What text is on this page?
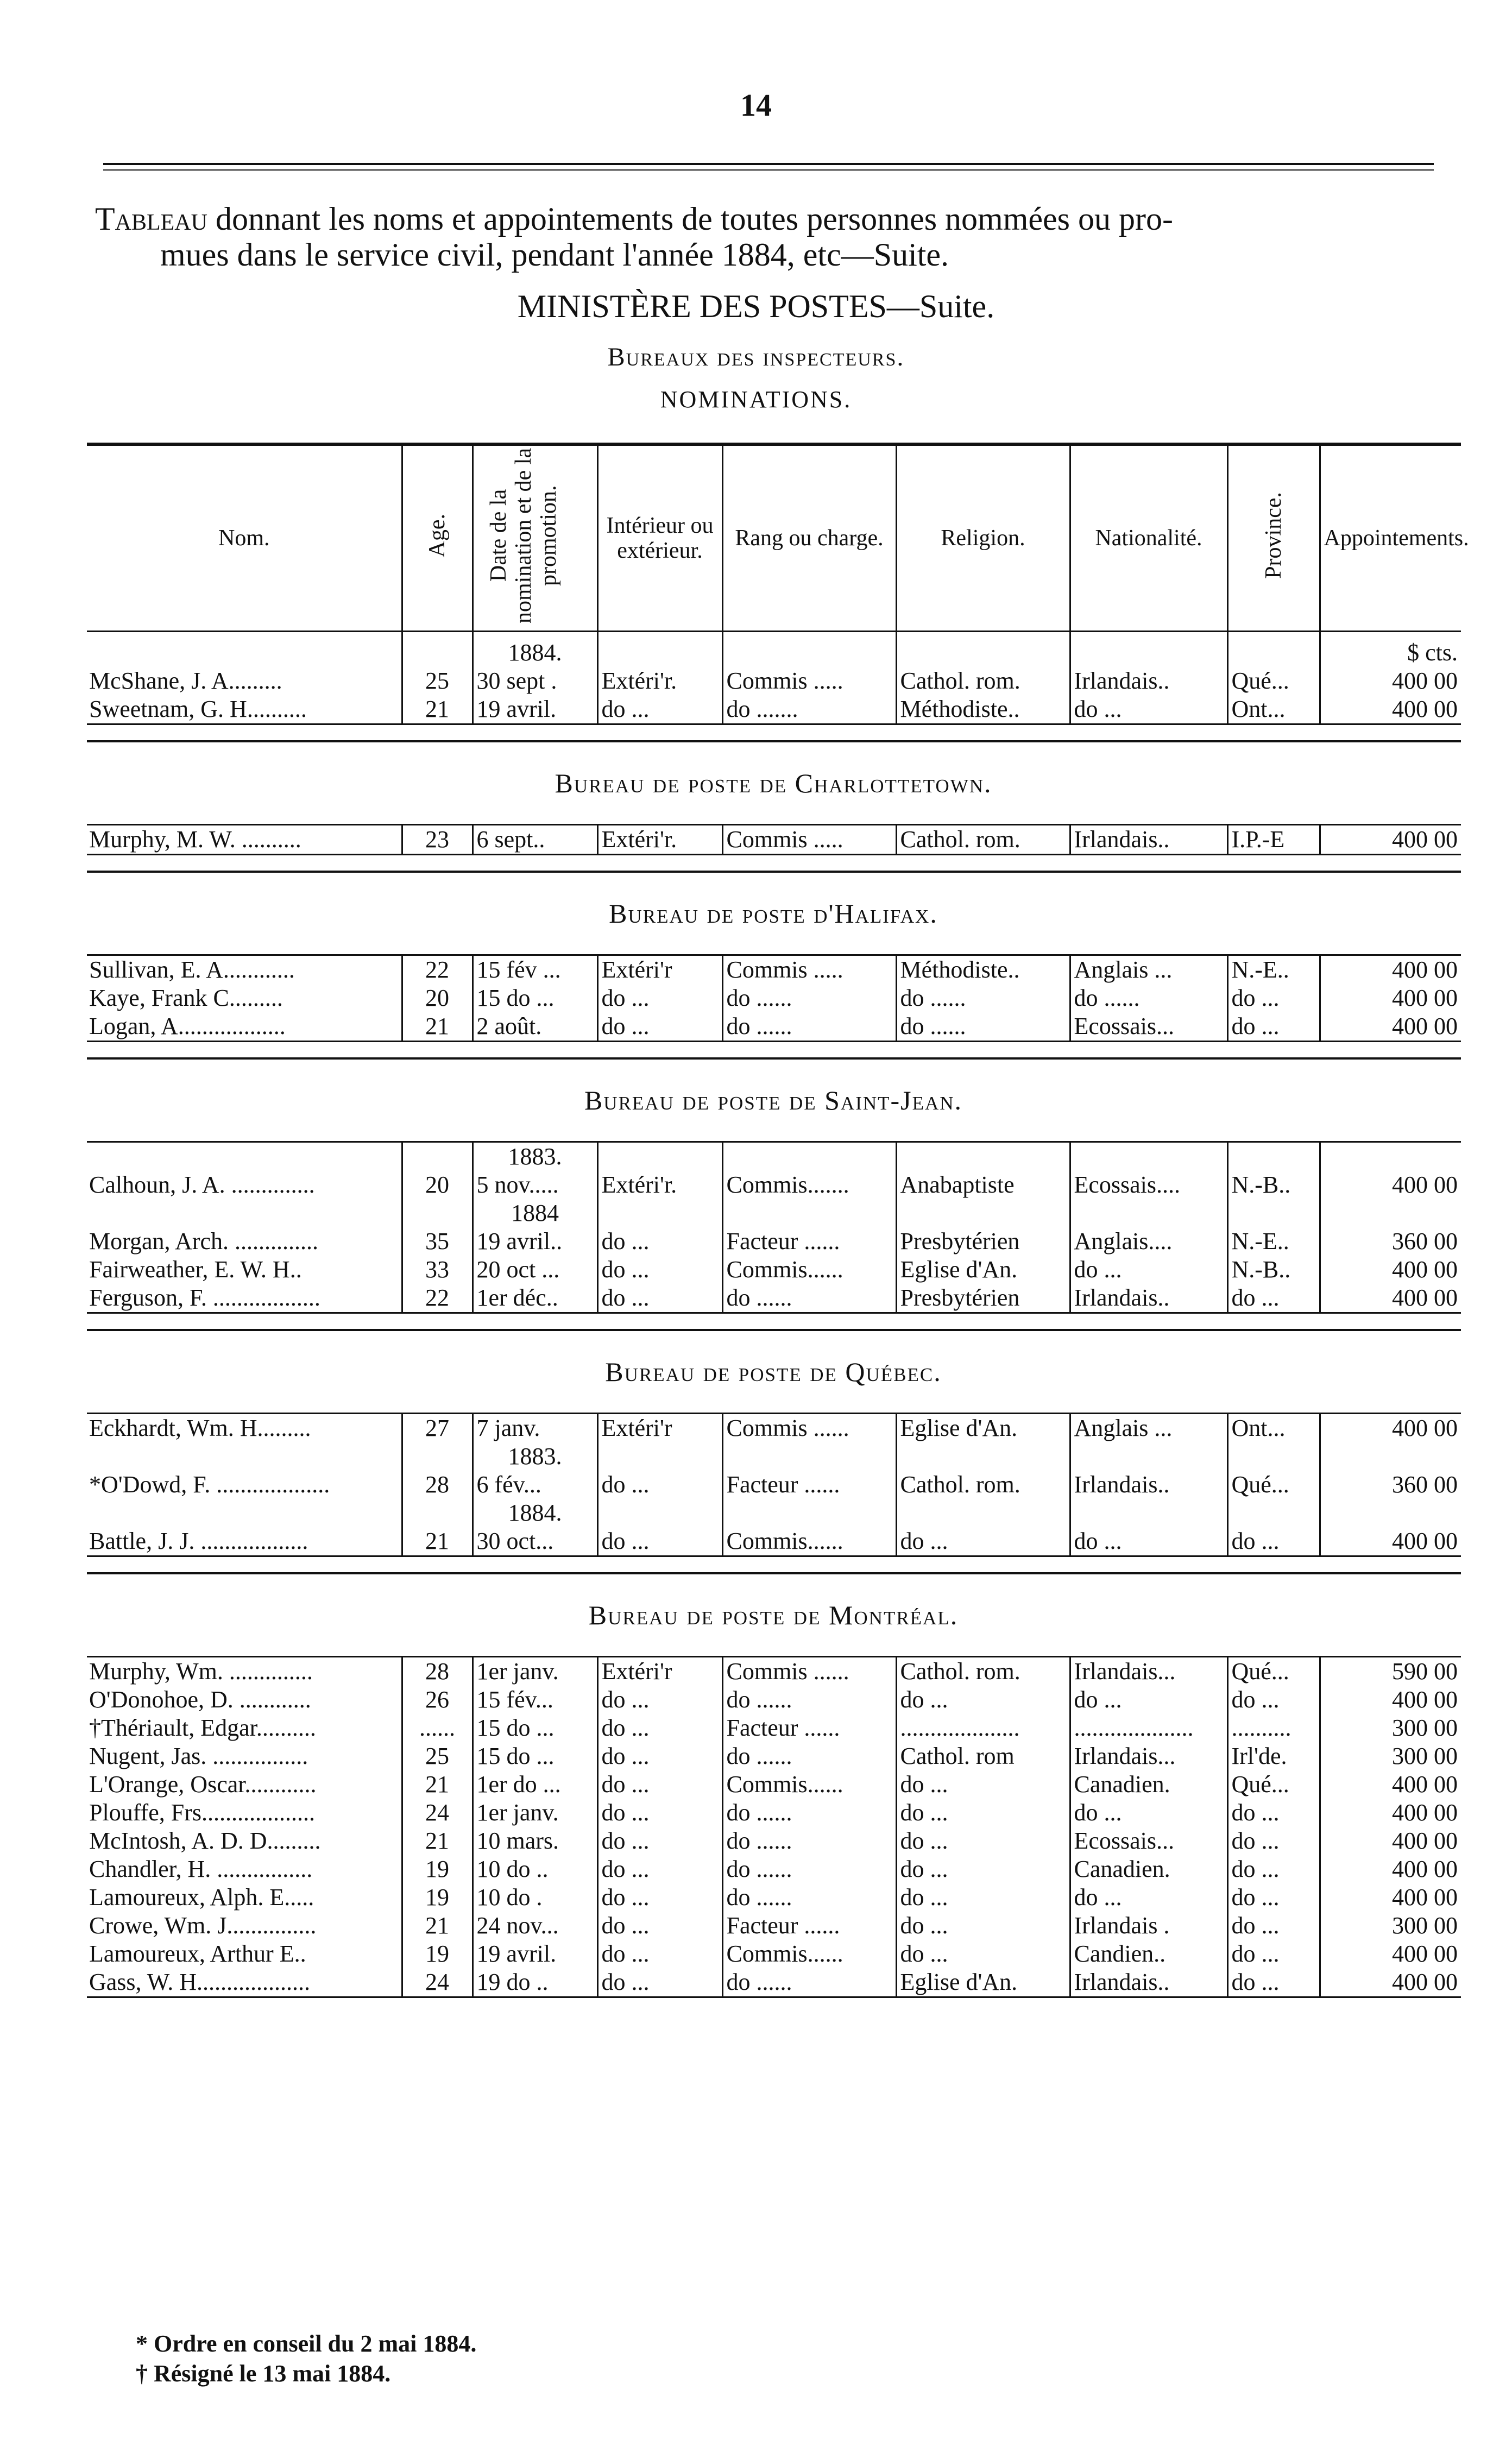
14
Tableau donnant les noms et appointements de toutes personnes nommées ou pro-
mues dans le service civil, pendant l'année 1884, etc—Suite.
MINISTÈRE DES POSTES—Suite.
Bureaux des inspecteurs.
NOMINATIONS.
Nom.	Age.	Date de la nomination et de la promotion.	Intérieur ou extérieur.	Rang ou charge.	Religion.	Nationalité.	Province.	Appointements.
		1884.						$ cts.
McShane, J. A.........	25	30 sept .	Extéri'r.	Commis .....	Cathol. rom.	Irlandais..	Qué...	400 00
Sweetnam, G. H..........	21	19 avril.	do ...	do .......	Méthodiste..	do ...	Ont...	400 00

Bureau de poste de Charlottetown.								
Murphy, M. W. ..........	23	6 sept..	Extéri'r.	Commis .....	Cathol. rom.	Irlandais..	I.P.-E	400 00

Bureau de poste d'Halifax.								
Sullivan, E. A............	22	15 fév ...	Extéri'r	Commis .....	Méthodiste..	Anglais ...	N.-E..	400 00
Kaye, Frank C.........	20	15 do ...	do ...	do ......	do ......	do ......	do ...	400 00
Logan, A..................	21	2 août.	do ...	do ......	do ......	Ecossais...	do ...	400 00

Bureau de poste de Saint-Jean.								
		1883.						
Calhoun, J. A. ..............	20	5 nov.....	Extéri'r.	Commis.......	Anabaptiste	Ecossais....	N.-B..	400 00
		1884						
Morgan, Arch. ..............	35	19 avril..	do ...	Facteur ......	Presbytérien	Anglais....	N.-E..	360 00
Fairweather, E. W. H..	33	20 oct ...	do ...	Commis......	Eglise d'An.	do ...	N.-B..	400 00
Ferguson, F. ..................	22	1er déc..	do ...	do ......	Presbytérien	Irlandais..	do ...	400 00

Bureau de poste de Québec.								
Eckhardt, Wm. H.........	27	7 janv.	Extéri'r	Commis ......	Eglise d'An.	Anglais ...	Ont...	400 00
		1883.						
*O'Dowd, F. ...................	28	6 fév...	do ...	Facteur ......	Cathol. rom.	Irlandais..	Qué...	360 00
		1884.						
Battle, J. J. ..................	21	30 oct...	do ...	Commis......	do ...	do ...	do ...	400 00

Bureau de poste de Montréal.								
Murphy, Wm. ..............	28	1er janv.	Extéri'r	Commis ......	Cathol. rom.	Irlandais...	Qué...	590 00
O'Donohoe, D. ............	26	15 fév...	do ...	do ......	do ...	do ...	do ...	400 00
†Thériault, Edgar..........	......	15 do ...	do ...	Facteur ......	....................	....................	..........	300 00
Nugent, Jas. ................	25	15 do ...	do ...	do ......	Cathol. rom	Irlandais...	Irl'de.	300 00
L'Orange, Oscar............	21	1er do ...	do ...	Commis......	do ...	Canadien.	Qué...	400 00
Plouffe, Frs...................	24	1er janv.	do ...	do ......	do ...	do ...	do ...	400 00
McIntosh, A. D. D.........	21	10 mars.	do ...	do ......	do ...	Ecossais...	do ...	400 00
Chandler, H. ................	19	10 do ..	do ...	do ......	do ...	Canadien.	do ...	400 00
Lamoureux, Alph. E.....	19	10 do .	do ...	do ......	do ...	do ...	do ...	400 00
Crowe, Wm. J...............	21	24 nov...	do ...	Facteur ......	do ...	Irlandais .	do ...	300 00
Lamoureux, Arthur E..	19	19 avril.	do ...	Commis......	do ...	Candien..	do ...	400 00
Gass, W. H...................	24	19 do ..	do ...	do ......	Eglise d'An.	Irlandais..	do ...	400 00

* Ordre en conseil du 2 mai 1884.
† Résigné le 13 mai 1884.
